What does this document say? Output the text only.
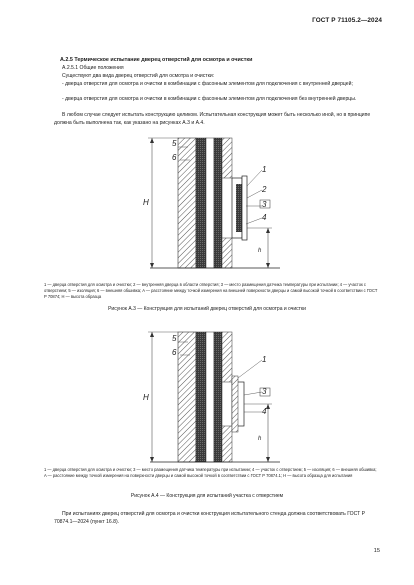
ГОСТ Р 71105.2—2024
A.2.5 Термическое испытание дверец отверстий для осмотра и очистки
A.2.5.1 Общие положения
Существуют два вида дверец отверстий для осмотра и очистки:
- дверца отверстия для осмотра и очистки в комбинации с фасонным элементом для подключения с внутренней дверцей;
- дверца отверстия для осмотра и очистки в комбинации с фасонным элементом для подключения без внутренней дверцы.
В любом случае следует испытать конструкцию целиком. Испытательная конструкция может быть несколько иной, но в принципе должна быть выполнена так, как указано на рисунках A.3 и A.4.
5
6
1
2
3
4
H
h
5
6
1
3
4
H
h
1 — дверца отверстия для осмотра и очистки; 2 — внутренняя дверца в области отверстия; 3 — место размещения датчика температуры при испытании; 4 — участок с отверстием; 5 — изоляция; 6 — внешняя обшивка; A — расстояние между точкой измерения на внешней поверхности дверцы и самой высокой точкой в соответствии с ГОСТ Р 70874; H — высота образца
Рисунок A.3 — Конструкция для испытаний дверец отверстий для осмотра и очистки
1 — дверца отверстия для осмотра и очистки; 3 — место размещения датчика температуры при испытании; 4 — участок с отверстием; 5 — изоляция; 6 — внешняя обшивка; A — расстояние между точкой измерения на поверхности дверцы и самой высокой точкой в соответствии с ГОСТ Р 70874.1; H — высота образца для испытания
Рисунок A.4 — Конструкция для испытаний участка с отверстием
При испытаниях дверец отверстий для осмотра и очистки конструкция испытательного стенда должна соответствовать ГОСТ Р 70874.1—2024 (пункт 16.8).
15
